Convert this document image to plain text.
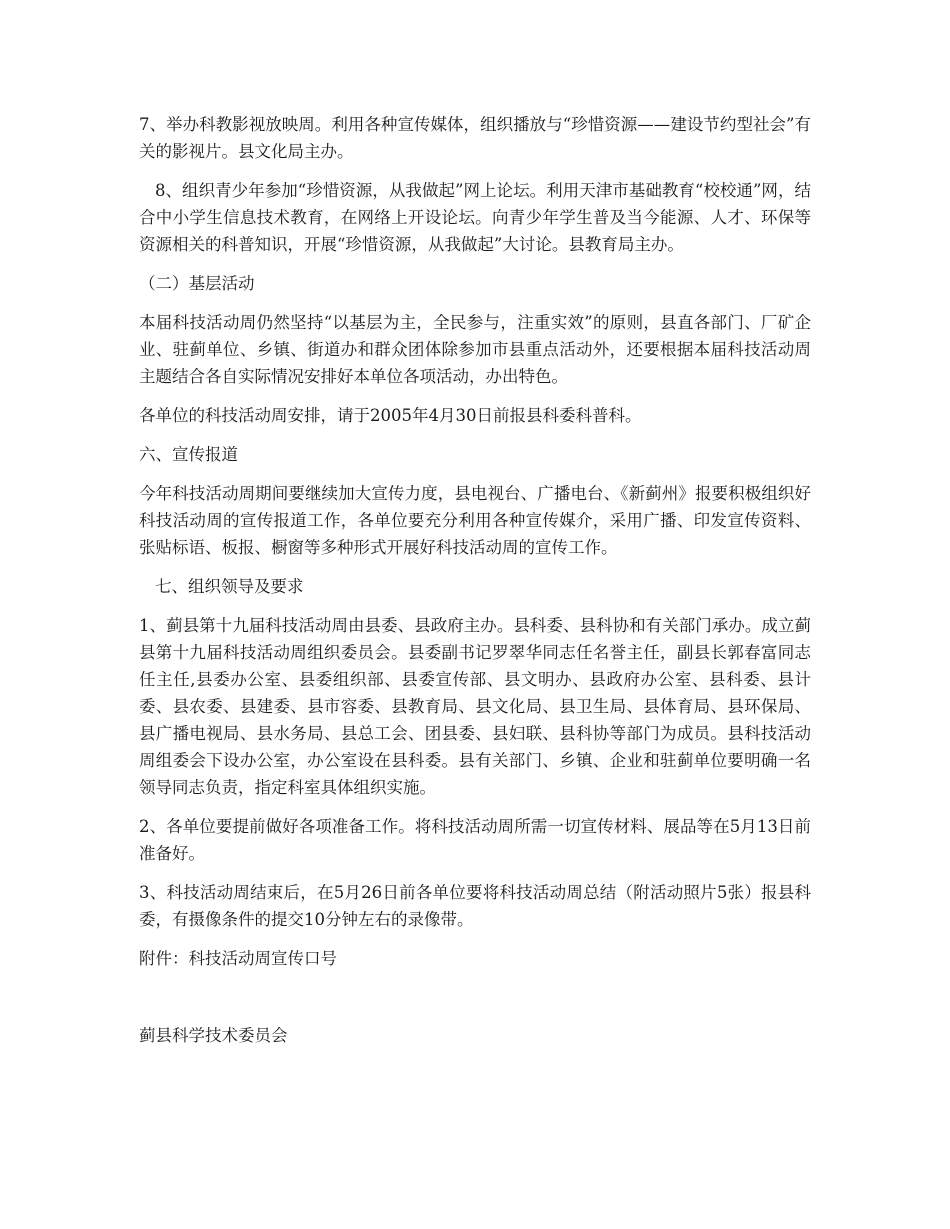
7、举办科教影视放映周。利用各种宣传媒体，组织播放与“珍惜资源——建设节约型社会”有关的影视片。县文化局主办。

8、组织青少年参加“珍惜资源，从我做起”网上论坛。利用天津市基础教育“校校通”网，结合中小学生信息技术教育，在网络上开设论坛。向青少年学生普及当今能源、人才、环保等资源相关的科普知识，开展“珍惜资源，从我做起”大讨论。县教育局主办。

（二）基层活动

本届科技活动周仍然坚持“以基层为主，全民参与，注重实效”的原则，县直各部门、厂矿企业、驻蓟单位、乡镇、街道办和群众团体除参加市县重点活动外，还要根据本届科技活动周主题结合各自实际情况安排好本单位各项活动，办出特色。

各单位的科技活动周安排，请于2005年4月30日前报县科委科普科。

六、宣传报道

今年科技活动周期间要继续加大宣传力度，县电视台、广播电台、《新蓟州》报要积极组织好科技活动周的宣传报道工作，各单位要充分利用各种宣传媒介，采用广播、印发宣传资料、张贴标语、板报、橱窗等多种形式开展好科技活动周的宣传工作。

七、组织领导及要求

1、蓟县第十九届科技活动周由县委、县政府主办。县科委、县科协和有关部门承办。成立蓟县第十九届科技活动周组织委员会。县委副书记罗翠华同志任名誉主任，副县长郭春富同志任主任,县委办公室、县委组织部、县委宣传部、县文明办、县政府办公室、县科委、县计委、县农委、县建委、县市容委、县教育局、县文化局、县卫生局、县体育局、县环保局、县广播电视局、县水务局、县总工会、团县委、县妇联、县科协等部门为成员。县科技活动周组委会下设办公室，办公室设在县科委。县有关部门、乡镇、企业和驻蓟单位要明确一名领导同志负责，指定科室具体组织实施。

2、各单位要提前做好各项准备工作。将科技活动周所需一切宣传材料、展品等在5月13日前准备好。

3、科技活动周结束后，在5月26日前各单位要将科技活动周总结（附活动照片5张）报县科委，有摄像条件的提交10分钟左右的录像带。

附件：科技活动周宣传口号

蓟县科学技术委员会
